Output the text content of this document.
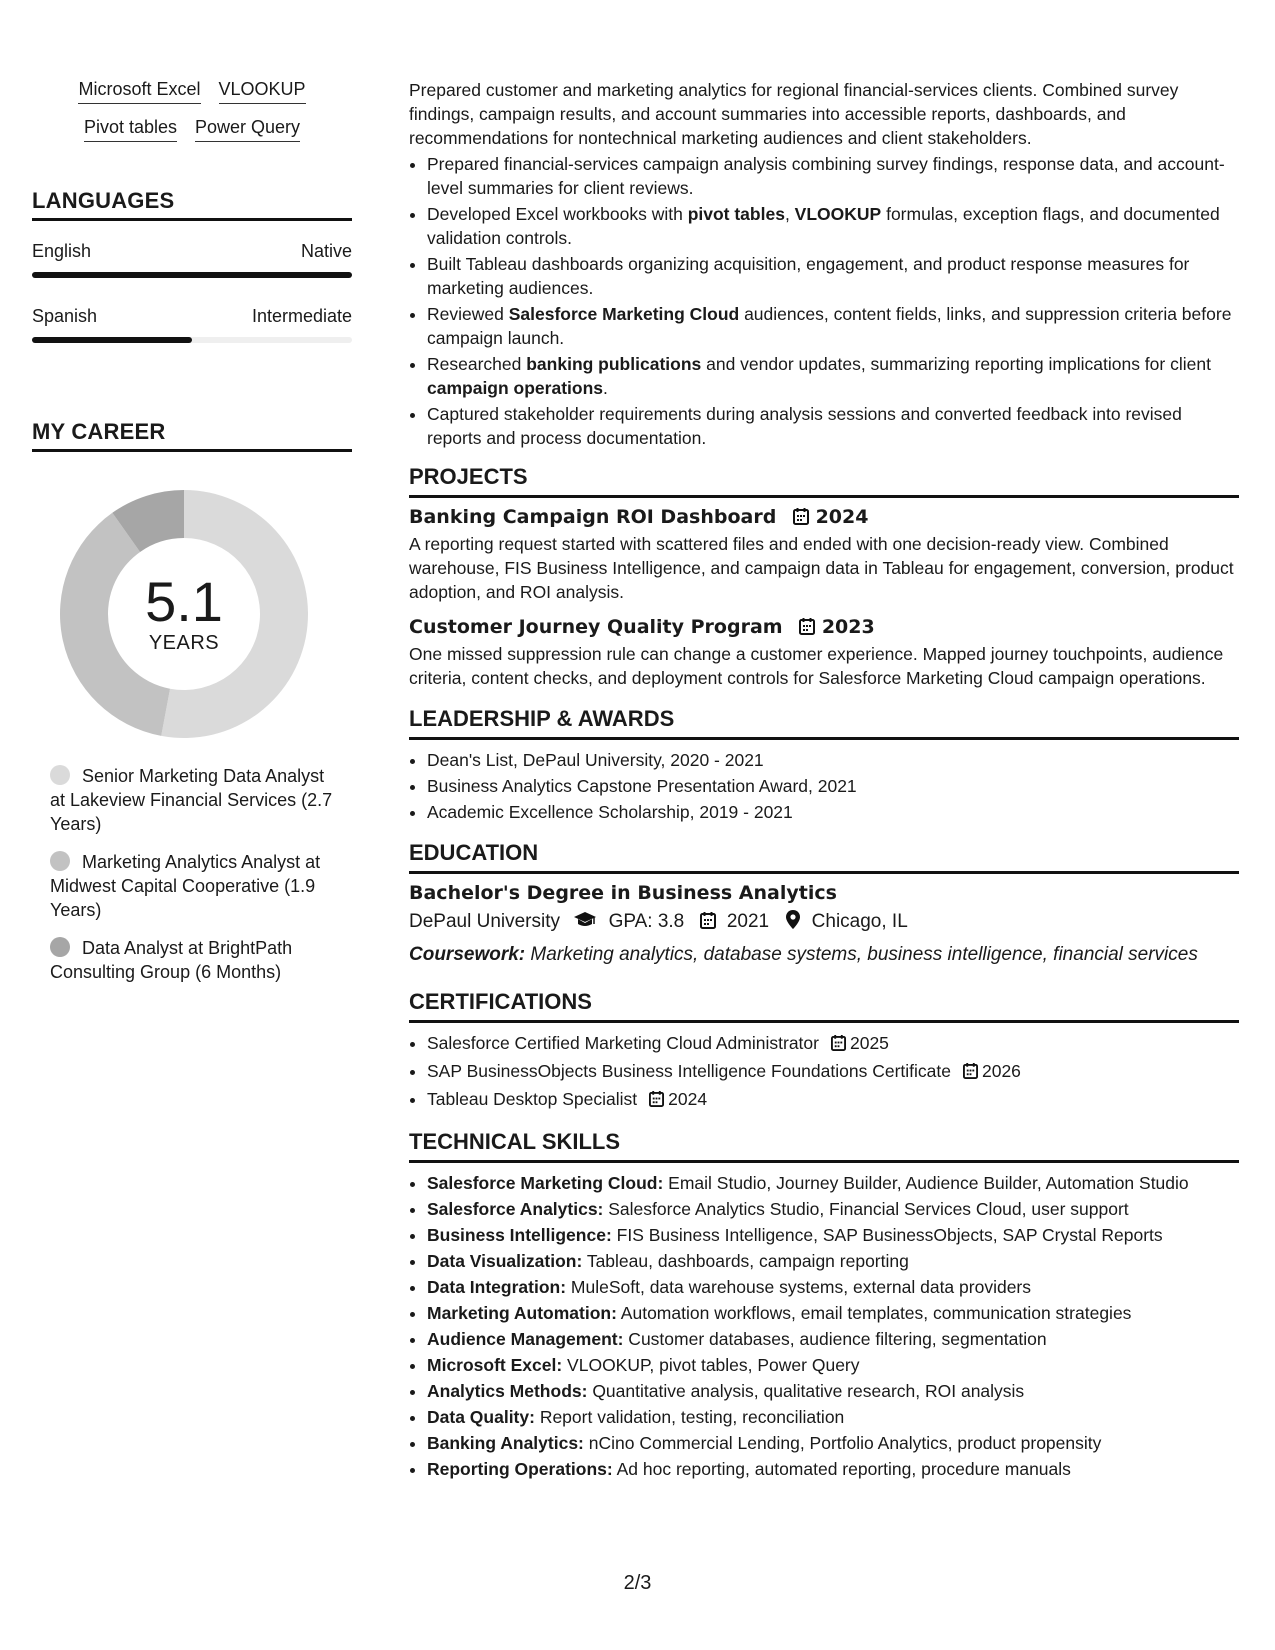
Microsoft Excel VLOOKUP
Pivot tables Power Query
LANGUAGES
English	Native
Spanish	Intermediate
MY CAREER
5.1
YEARS
Senior Marketing Data Analyst at Lakeview Financial Services (2.7 Years)
Marketing Analytics Analyst at Midwest Capital Cooperative (1.9 Years)
Data Analyst at BrightPath Consulting Group (6 Months)

Prepared customer and marketing analytics for regional financial-services clients. Combined survey findings, campaign results, and account summaries into accessible reports, dashboards, and recommendations for nontechnical marketing audiences and client stakeholders.

• Prepared financial-services campaign analysis combining survey findings, response data, and account-level summaries for client reviews.
• Developed Excel workbooks with pivot tables, VLOOKUP formulas, exception flags, and documented validation controls.
• Built Tableau dashboards organizing acquisition, engagement, and product response measures for marketing audiences.
• Reviewed Salesforce Marketing Cloud audiences, content fields, links, and suppression criteria before campaign launch.
• Researched banking publications and vendor updates, summarizing reporting implications for client campaign operations.
• Captured stakeholder requirements during analysis sessions and converted feedback into revised reports and process documentation.
PROJECTS
Banking Campaign ROI Dashboard 2024

A reporting request started with scattered files and ended with one decision-ready view. Combined warehouse, FIS Business Intelligence, and campaign data in Tableau for engagement, conversion, product adoption, and ROI analysis.

Customer Journey Quality Program 2023

One missed suppression rule can change a customer experience. Mapped journey touchpoints, audience criteria, content checks, and deployment controls for Salesforce Marketing Cloud campaign operations.

LEADERSHIP & AWARDS
• Dean's List, DePaul University, 2020 - 2021
• Business Analytics Capstone Presentation Award, 2021
• Academic Excellence Scholarship, 2019 - 2021
EDUCATION
Bachelor's Degree in Business Analytics
DePaul University	GPA: 3.8 2021 Chicago, IL
Coursework: Marketing analytics, database systems, business intelligence, financial services
CERTIFICATIONS
• Salesforce Certified Marketing Cloud Administrator 2025
• SAP BusinessObjects Business Intelligence Foundations Certificate 2026
• Tableau Desktop Specialist 2024
TECHNICAL SKILLS
• Salesforce Marketing Cloud: Email Studio, Journey Builder, Audience Builder, Automation Studio
• Salesforce Analytics: Salesforce Analytics Studio, Financial Services Cloud, user support
• Business Intelligence: FIS Business Intelligence, SAP BusinessObjects, SAP Crystal Reports
• Data Visualization: Tableau, dashboards, campaign reporting
• Data Integration: MuleSoft, data warehouse systems, external data providers
• Marketing Automation: Automation workflows, email templates, communication strategies
• Audience Management: Customer databases, audience filtering, segmentation
• Microsoft Excel: VLOOKUP, pivot tables, Power Query
• Analytics Methods: Quantitative analysis, qualitative research, ROI analysis
• Data Quality: Report validation, testing, reconciliation
• Banking Analytics: nCino Commercial Lending, Portfolio Analytics, product propensity
• Reporting Operations: Ad hoc reporting, automated reporting, procedure manuals
2/3
